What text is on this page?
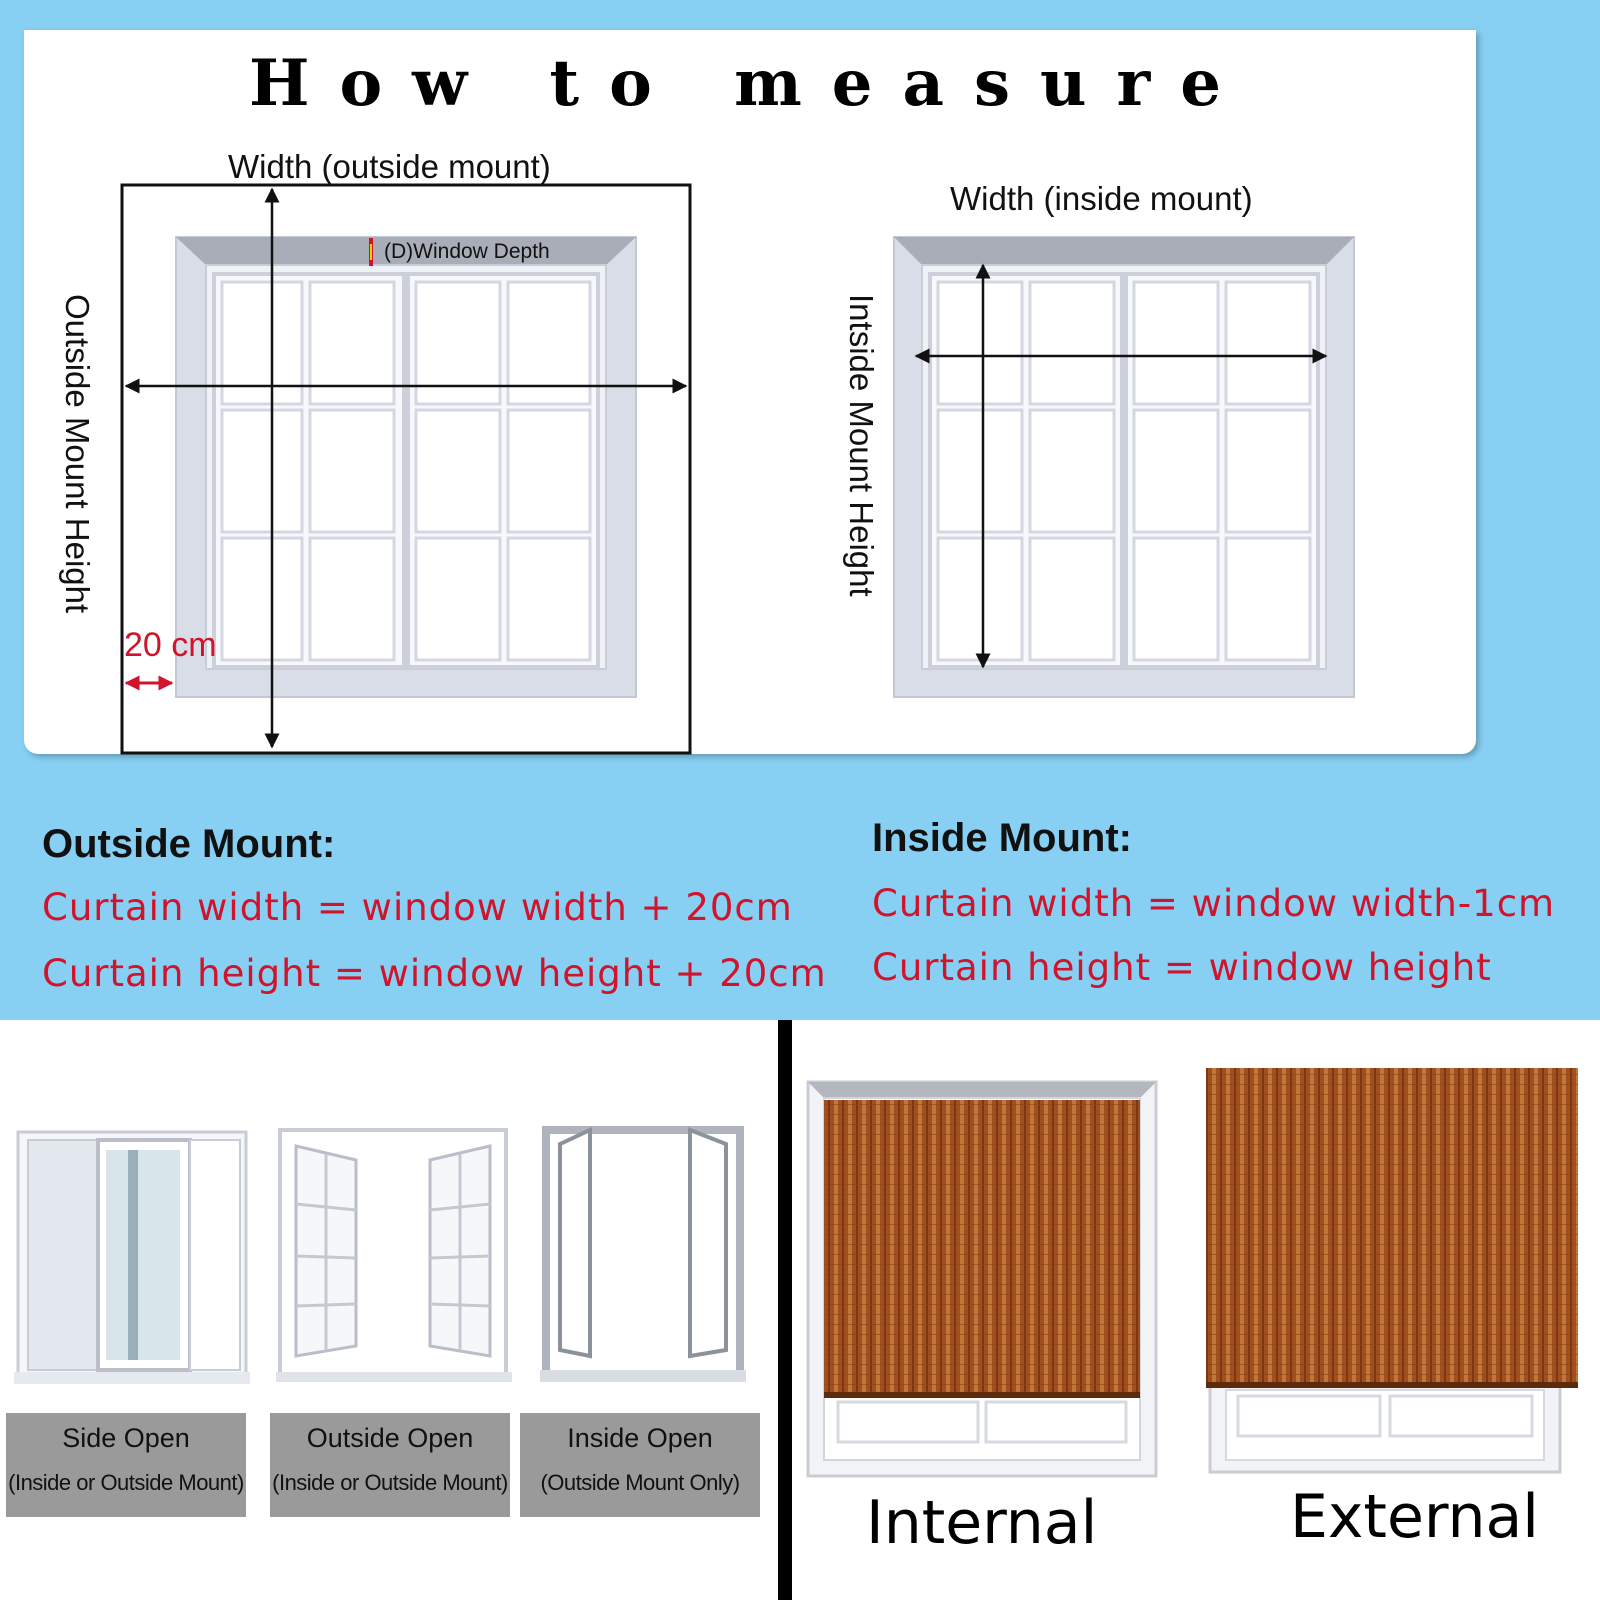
How to measure
Width (outside mount)
(D)Window Depth
20 cm
Outside Mount Height
Width (inside mount)
Intside Mount Height
Outside Mount:
Curtain width = window width + 20cm
Curtain height = window height + 20cm
Inside Mount:
Curtain width = window width-1cm
Curtain height = window height
Side Open
(Inside or Outside Mount)
Outside Open
(Inside or Outside Mount)
Inside Open
(Outside Mount Only)
Internal	External
